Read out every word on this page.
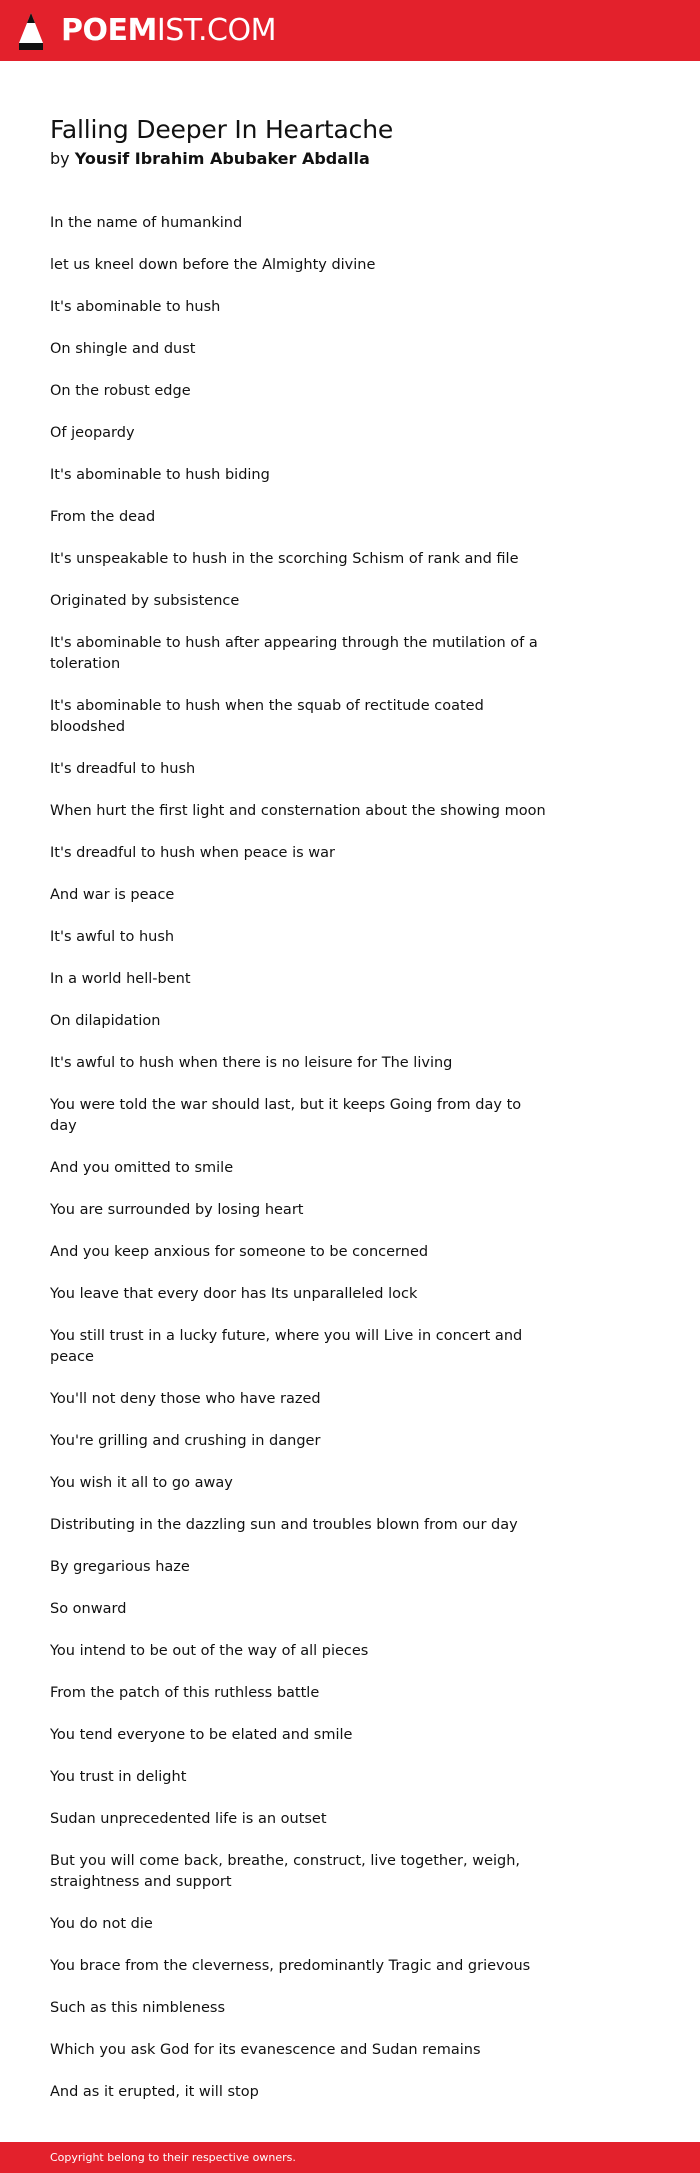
POEMIST.COM
Falling Deeper In Heartache
by Yousif Ibrahim Abubaker Abdalla
In the name of humankind
let us kneel down before the Almighty divine
It's abominable to hush
On shingle and dust
On the robust edge
Of jeopardy
It's abominable to hush biding
From the dead
It's unspeakable to hush in the scorching Schism of rank and file
Originated by subsistence
It's abominable to hush after appearing through the mutilation of a toleration
It's abominable to hush when the squab of rectitude coated bloodshed
It's dreadful to hush
When hurt the first light and consternation about the showing moon
It's dreadful to hush when peace is war
And war is peace
It's awful to hush
In a world hell-bent
On dilapidation
It's awful to hush when there is no leisure for The living
You were told the war should last, but it keeps Going from day to day
And you omitted to smile
You are surrounded by losing heart
And you keep anxious for someone to be concerned
You leave that every door has Its unparalleled lock
You still trust in a lucky future, where you will Live in concert and peace
You'll not deny those who have razed
You're grilling and crushing in danger
You wish it all to go away
Distributing in the dazzling sun and troubles blown from our day
By gregarious haze
So onward
You intend to be out of the way of all pieces
From the patch of this ruthless battle
You tend everyone to be elated and smile
You trust in delight
Sudan unprecedented life is an outset
But you will come back, breathe, construct, live together, weigh, straightness and support
You do not die
You brace from the cleverness, predominantly Tragic and grievous
Such as this nimbleness
Which you ask God for its evanescence and Sudan remains
And as it erupted, it will stop
Copyright belong to their respective owners.
